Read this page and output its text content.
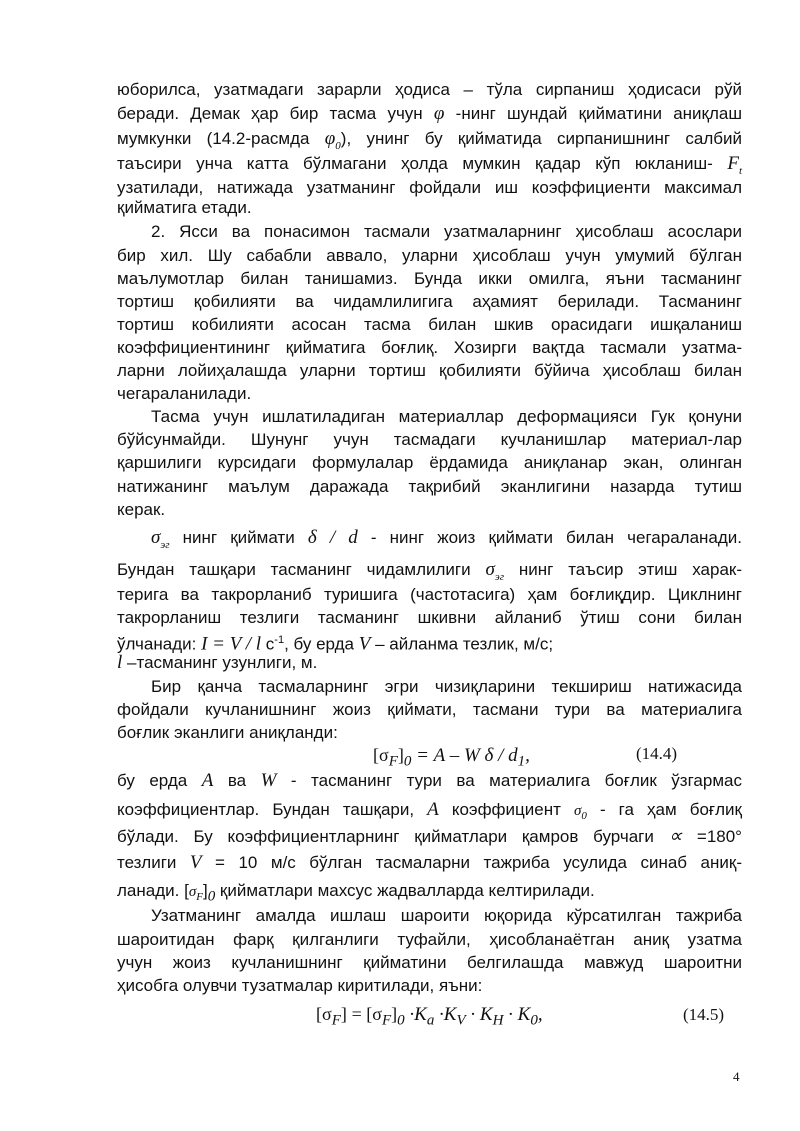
юборилса, узатмадаги зарарли ҳодиса – тўла сирпаниш ҳодисаси рўй
беради. Демак ҳар бир тасма учун φ -нинг шундай қийматини аниқлаш
мумкунки (14.2-расмда $\varphi_0$), унинг бу қийматида сирпанишнинг салбий
таъсири унча катта бўлмагани ҳолда мумкин қадар кўп юкланиш- $F_t$
узатилади, натижада узатманинг фойдали иш коэффициенти максимал
қийматига етади.
2. Ясси ва понасимон тасмали узатмаларнинг ҳисоблаш асослари
бир хил. Шу сабабли аввало, уларни ҳисоблаш учун умумий бўлган
маълумотлар билан танишамиз. Бунда икки омилга, яъни тасманинг
тортиш қобилияти ва чидамлилигига аҳамият берилади. Тасманинг
тортиш кобилияти асосан тасма билан шкив орасидаги ишқаланиш
коэффициентининг қийматига боғлиқ. Хозирги вақтда тасмали узатма-
ларни лойиҳалашда уларни тортиш қобилияти бўйича ҳисоблаш билан
чегараланилади.
Тасма учун ишлатиладиган материаллар деформацияси Гук қонуни
бўйсунмайди. Шунунг учун тасмадаги кучланишлар материал-лар
қаршилиги курсидаги формулалар ёрдамида аниқланар экан, олинган
натижанинг маълум даражада тақрибий эканлигини назарда тутиш
керак.
$\sigma_{эг}$ нинг қиймати δ / d - нинг жоиз қиймати билан чегараланади.
Бундан ташқари тасманинг чидамлилиги $\sigma_{эг}$ нинг таъсир этиш харак-
терига ва такрорланиб туришига (частотасига) ҳам боғлиқдир. Циклнинг
такрорланиш тезлиги тасманинг шкивни айланиб ўтиш сони билан
ўлчанади: I = V / l $с^{-1}$, бу ерда V – айланма тезлик, м/с;
l –тасманинг узунлиги, м.
Бир қанча тасмаларнинг эгри чизиқларини текшириш натижасида
фойдали кучланишнинг жоиз қиймати, тасмани тури ва материалига
боғлик эканлиги аниқланди:
$[\sigma_F]_0 = A - W$ δ / $d_1$,	(14.4)
бу ерда A ва W - тасманинг тури ва материалига боғлик ўзгармас
коэффициентлар. Бундан ташқари, A коэффициент $\sigma_0$ - га ҳам боғлиқ
бўлади. Бу коэффициентларнинг қийматлари қамров бурчаги ∝ =180°
тезлиги V = 10 м/с бўлган тасмаларни тажриба усулида синаб аниқ-
ланади. $[\sigma_F]_0$ қийматлари махсус жадвалларда келтирилади.
Узатманинг амалда ишлаш шароити юқорида кўрсатилган тажриба
шароитидан фарқ қилганлиги туфайли, ҳисобланаётган аниқ узатма
учун жоиз кучланишнинг қийматини белгилашда мавжуд шароитни
ҳисобга олувчи тузатмалар киритилади, яъни:
$[\sigma_F] = [\sigma_F]_0 \cdot K_a \cdot K_V \cdot K_H \cdot K_0$,	(14.5)
4
